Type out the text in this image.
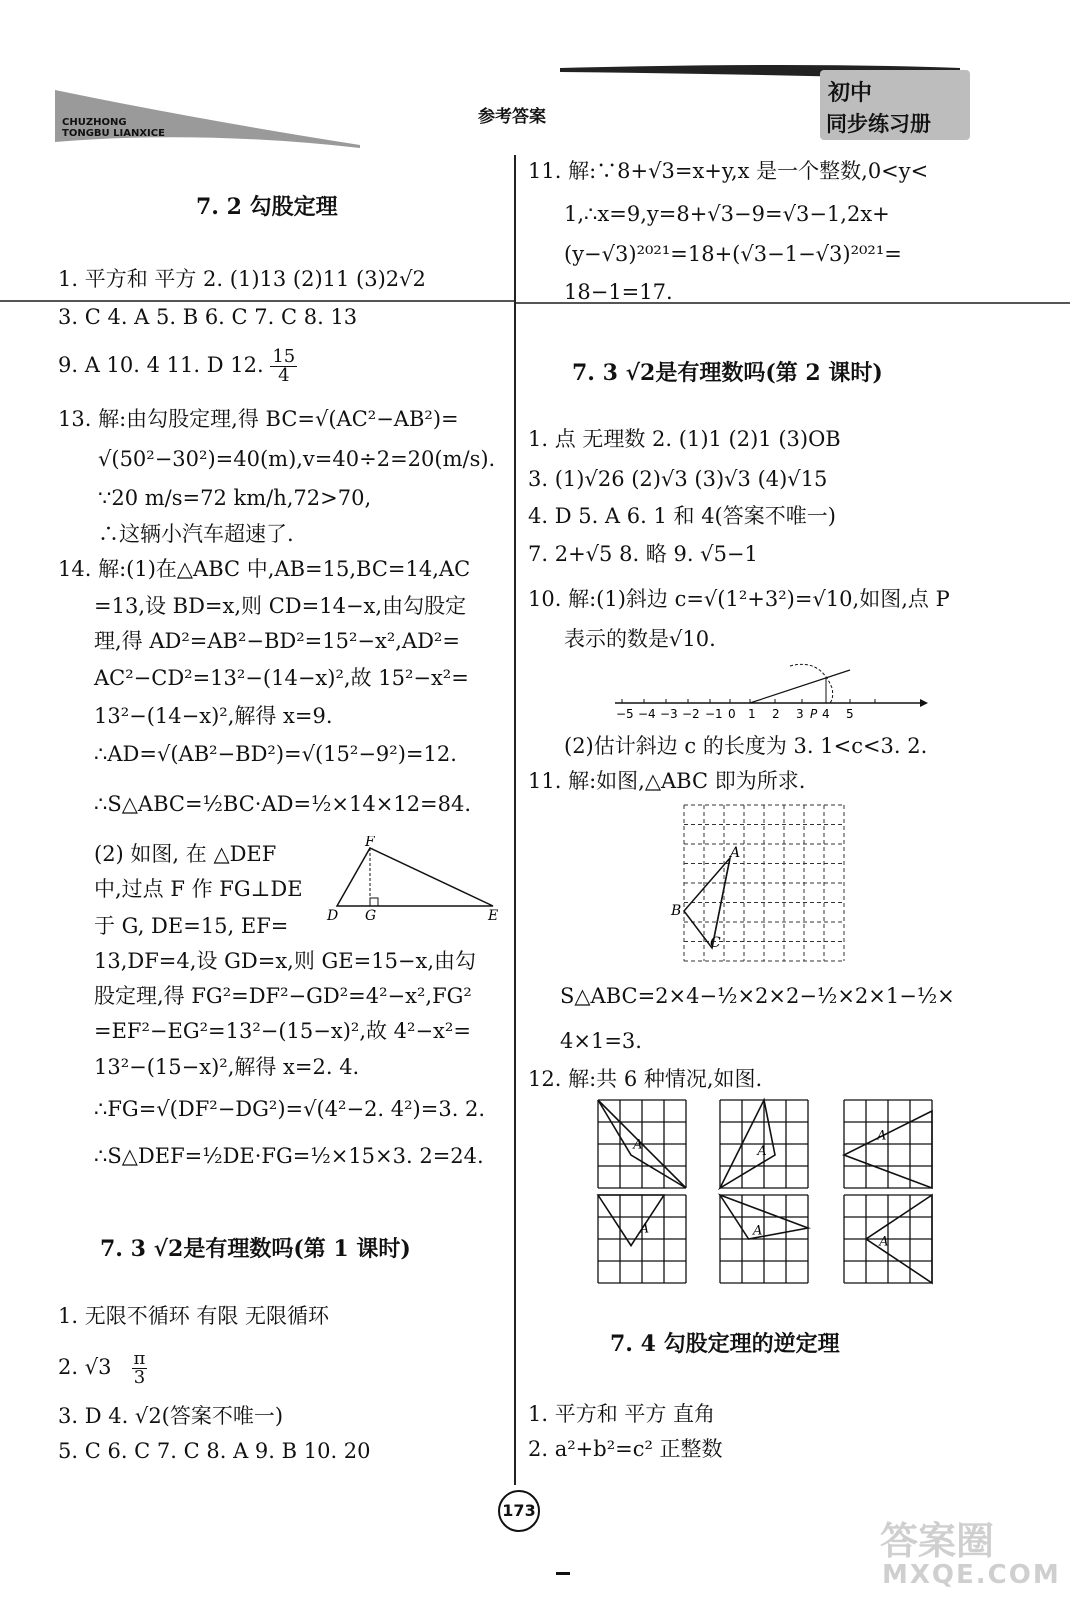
CHUZHONG
TONGBU LIANXICE
参考答案
初中
同步练习册
7. 2 勾股定理
1. 平方和 平方 2. (1)13 (2)11 (3)2√2
3. C 4. A 5. B 6. C 7. C 8. 13
9. A 10. 4 11. D 12. $\frac{15}{4}$
13. 解:由勾股定理,得 BC=√(AC²−AB²)=
√(50²−30²)=40(m),v=40÷2=20(m/s).
∵20 m/s=72 km/h,72>70,
∴这辆小汽车超速了.
14. 解:(1)在△ABC 中,AB=15,BC=14,AC
=13,设 BD=x,则 CD=14−x,由勾股定
理,得 AD²=AB²−BD²=15²−x²,AD²=
AC²−CD²=13²−(14−x)²,故 15²−x²=
13²−(14−x)²,解得 x=9.
∴AD=√(AB²−BD²)=√(15²−9²)=12.
∴S△ABC=½BC·AD=½×14×12=84.
(2) 如图, 在 △DEF
中,过点 F 作 FG⊥DE
于 G, DE=15, EF=
F
D G	E
13,DF=4,设 GD=x,则 GE=15−x,由勾
股定理,得 FG²=DF²−GD²=4²−x²,FG²
=EF²−EG²=13²−(15−x)²,故 4²−x²=
13²−(15−x)²,解得 x=2. 4.
∴FG=√(DF²−DG²)=√(4²−2. 4²)=3. 2.
∴S△DEF=½DE·FG=½×15×3. 2=24.
7. 3 √2是有理数吗(第 1 课时)
1. 无限不循环 有限 无限循环
2. $√3 \frac{\pi}{3}$
3. D 4. √2(答案不唯一)
5. C 6. C 7. C 8. A 9. B 10. 20
11. 解:∵8+√3=x+y,x 是一个整数,0<y<
1,∴x=9,y=8+√3−9=√3−1,2x+
(y−√3)²⁰²¹=18+(√3−1−√3)²⁰²¹=
18−1=17.
7. 3 √2是有理数吗(第 2 课时)
1. 点 无理数 2. (1)1 (2)1 (3)OB
3. (1)√26 (2)√3 (3)√3 (4)√15
4. D 5. A 6. 1 和 4(答案不唯一)
7. 2+√5 8. 略 9. √5−1
10. 解:(1)斜边 c=√(1²+3²)=√10,如图,点 P
表示的数是√10.
−5 −4 −3 −2 −1 0 1 2 3 P 4 5
(2)估计斜边 c 的长度为 3. 1<c<3. 2.
11. 解:如图,△ABC 即为所求.
A
B
C
S△ABC=2×4−½×2×2−½×2×1−½×
4×1=3.
12. 解:共 6 种情况,如图.
A	A
A
A	A
A
7. 4 勾股定理的逆定理
1. 平方和 平方 直角
2. a²+b²=c² 正整数
173
答案圈
MXQE.COM
